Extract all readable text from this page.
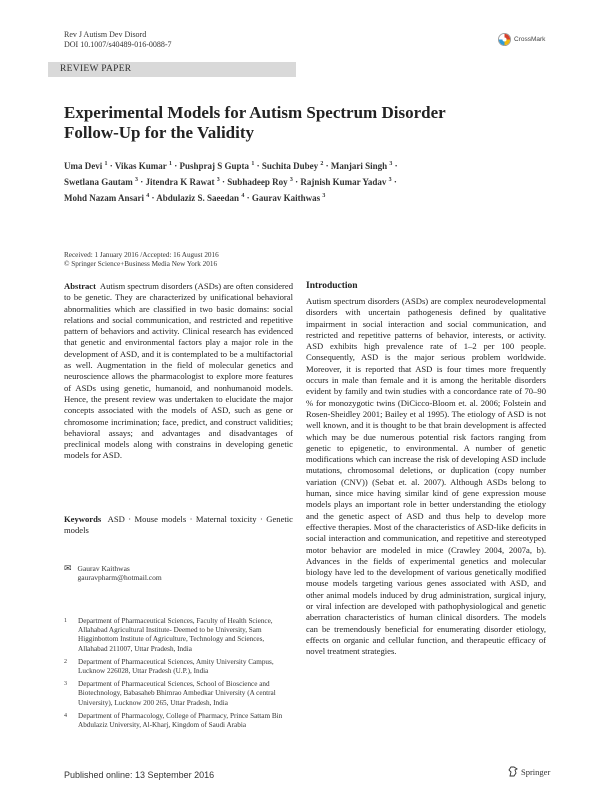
Rev J Autism Dev Disord
DOI 10.1007/s40489-016-0088-7
CrossMark
REVIEW PAPER
Experimental Models for Autism Spectrum Disorder
Follow-Up for the Validity
Uma Devi $^1$ · Vikas Kumar $^1$ · Pushpraj S Gupta $^1$ · Suchita Dubey $^2$ · Manjari Singh $^3$ ·
Swetlana Gautam $^3$ · Jitendra K Rawat $^3$ · Subhadeep Roy $^3$ · Rajnish Kumar Yadav $^3$ ·
Mohd Nazam Ansari $^4$ · Abdulaziz S. Saeedan $^4$ · Gaurav Kaithwas $^3$
Received: 1 January 2016 /Accepted: 16 August 2016
© Springer Science+Business Media New York 2016
Abstract Autism spectrum disorders (ASDs) are often considered to be genetic. They are characterized by unificational behavioral abnormalities which are classified in two basic domains: social relations and social communication, and restricted and repetitive pattern of behaviors and activity. Clinical research has evidenced that genetic and environmental factors play a major role in the development of ASD, and it is contemplated to be a multifactorial as well. Augmentation in the field of molecular genetics and neuroscience allows the pharmacologist to explore more features of ASDs using genetic, humanoid, and nonhumanoid models. Hence, the present review was undertaken to elucidate the major concepts associated with the models of ASD, such as gene or chromosome incrimination; face, predict, and construct validities; behavioral assays; and advantages and disadvantages of preclinical models along with constrains in developing genetic models for ASD.
Keywords ASD · Mouse models · Maternal toxicity · Genetic models
✉ Gaurav Kaithwas
gauravpharm@hotmail.com
1	Department of Pharmaceutical Sciences, Faculty of Health Science, Allahabad Agricultural Institute- Deemed to be University, Sam Higginbottom Institute of Agriculture, Technology and Sciences, Allahabad 211007, Uttar Pradesh, India
2	Department of Pharmaceutical Sciences, Amity University Campus, Lucknow 226028, Uttar Pradesh (U.P.), India
3	Department of Pharmaceutical Sciences, School of Bioscience and Biotechnology, Babasaheb Bhimrao Ambedkar University (A central University), Lucknow 200 265, Uttar Pradesh, India
4	Department of Pharmacology, College of Pharmacy, Prince Sattam Bin Abdulaziz University, Al-Kharj, Kingdom of Saudi Arabia
Introduction
Autism spectrum disorders (ASDs) are complex neurodevelopmental disorders with uncertain pathogenesis defined by qualitative impairment in social interaction and social communication, and restricted and repetitive patterns of behavior, interests, or activity. ASD exhibits high prevalence rate of 1–2 per 100 people. Consequently, ASD is the major serious problem worldwide. Moreover, it is reported that ASD is four times more frequently occurs in male than female and it is among the heritable disorders evident by family and twin studies with a concordance rate of 70–90 % for monozygotic twins (DiCicco-Bloom et. al. 2006; Folstein and Rosen-Sheidley 2001; Bailey et al 1995). The etiology of ASD is not well known, and it is thought to be that brain development is affected which may be due numerous potential risk factors ranging from genetic to epigenetic, to environmental. A number of genetic modifications which can increase the risk of developing ASD include mutations, chromosomal deletions, or duplication (copy number variation (CNV)) (Sebat et. al. 2007). Although ASDs belong to human, since mice having similar kind of gene expression mouse models plays an important role in better understanding the etiology and the genetic aspect of ASD and thus help to develop more effective therapies. Most of the characteristics of ASD-like deficits in social interaction and communication, and repetitive and stereotyped motor behavior are modeled in mice (Crawley 2004, 2007a, b). Advances in the fields of experimental genetics and molecular biology have led to the development of various genetically modified mouse models targeting various genes associated with ASD, and other animal models induced by drug administration, surgical injury, or viral infection are developed with pathophysiological and genetic aberration characteristics of human clinical disorders. The models can be tremendously beneficial for enumerating disorder etiology, effects on organic and cellular function, and therapeutic efficacy of novel treatment strategies.
Published online: 13 September 2016	Springer
